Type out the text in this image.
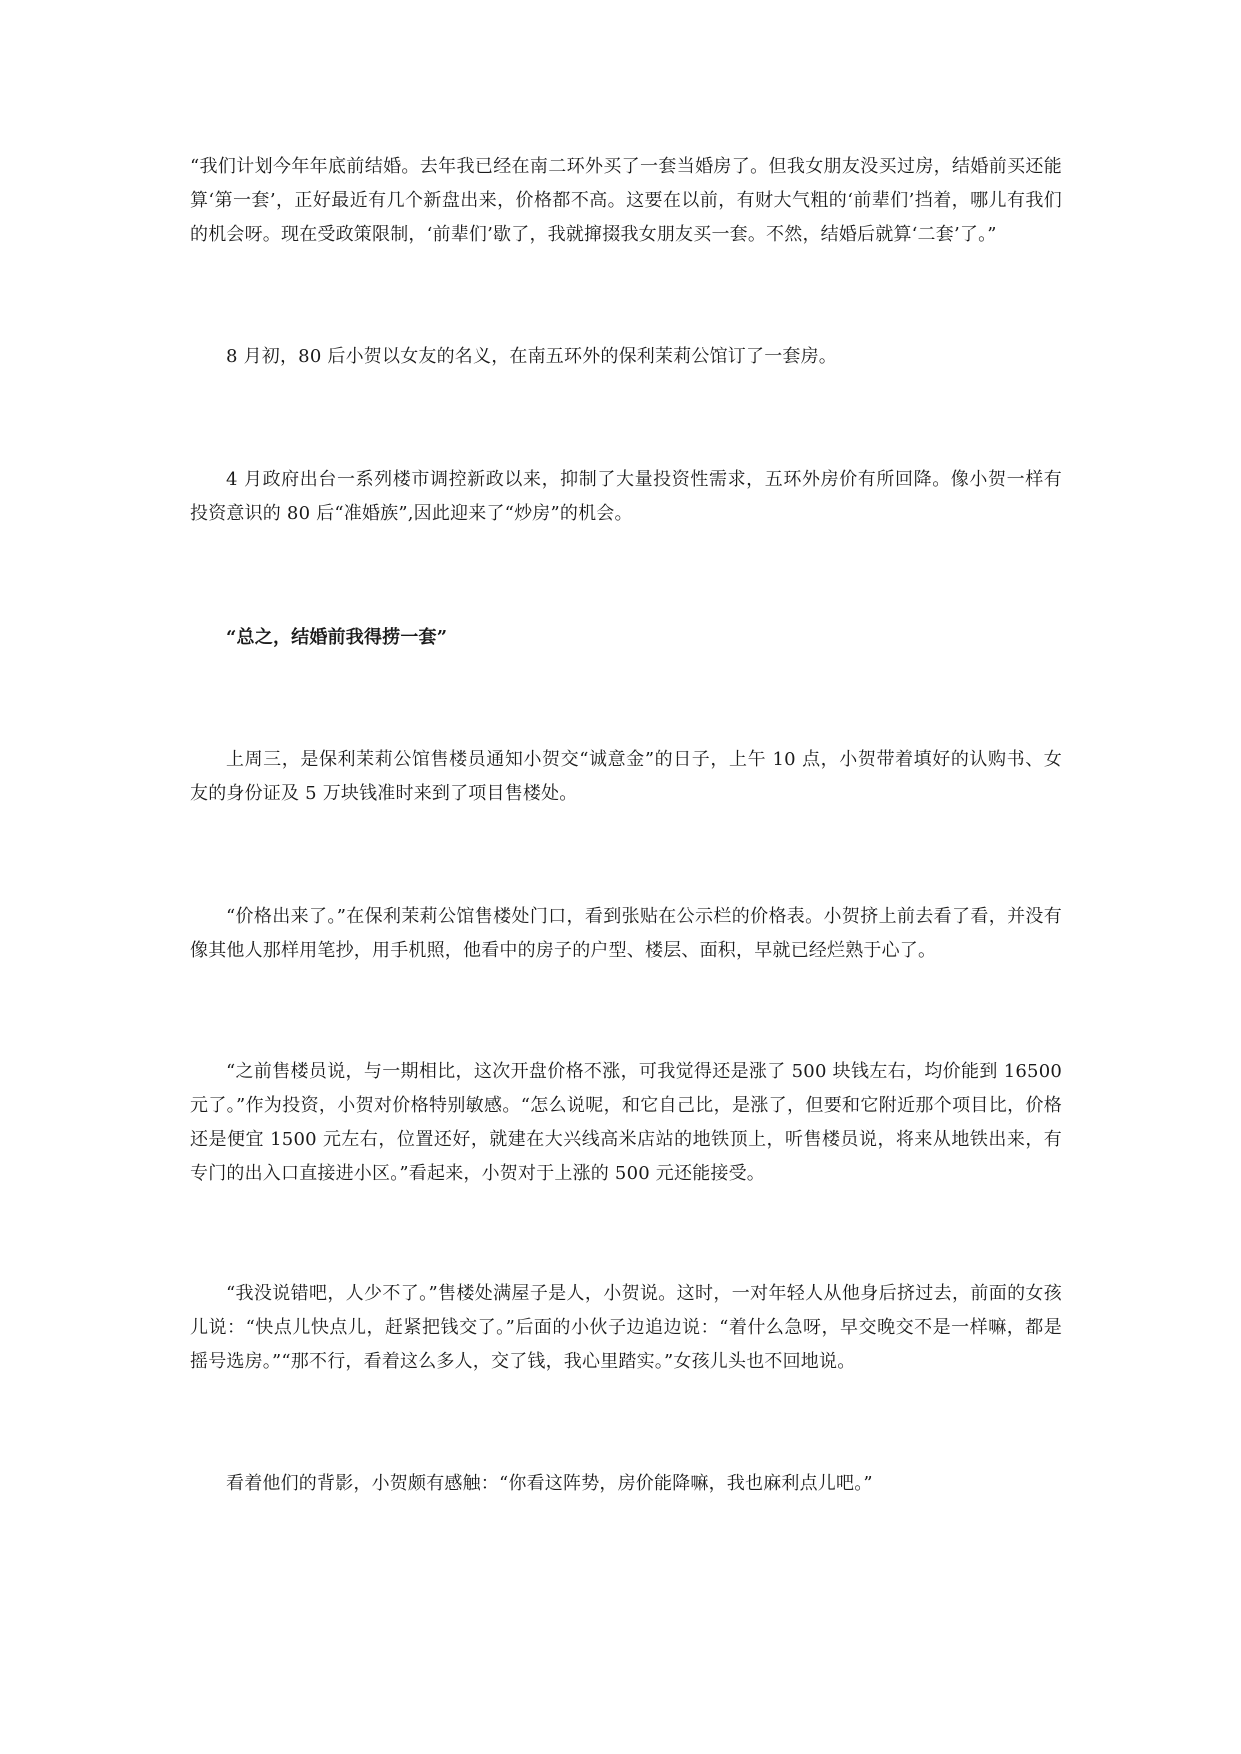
“我们计划今年年底前结婚。去年我已经在南二环外买了一套当婚房了。但我女朋友没买过房，结婚前买还能算‘第一套’，正好最近有几个新盘出来，价格都不高。这要在以前，有财大气粗的‘前辈们’挡着，哪儿有我们的机会呀。现在受政策限制，‘前辈们’歇了，我就撺掇我女朋友买一套。不然，结婚后就算‘二套’了。”

8 月初，80 后小贺以女友的名义，在南五环外的保利茉莉公馆订了一套房。

4 月政府出台一系列楼市调控新政以来，抑制了大量投资性需求，五环外房价有所回降。像小贺一样有投资意识的 80 后“准婚族”,因此迎来了“炒房”的机会。

“总之，结婚前我得捞一套”

上周三，是保利茉莉公馆售楼员通知小贺交“诚意金”的日子，上午 10 点，小贺带着填好的认购书、女友的身份证及 5 万块钱准时来到了项目售楼处。

“价格出来了。”在保利茉莉公馆售楼处门口，看到张贴在公示栏的价格表。小贺挤上前去看了看，并没有像其他人那样用笔抄，用手机照，他看中的房子的户型、楼层、面积，早就已经烂熟于心了。

“之前售楼员说，与一期相比，这次开盘价格不涨，可我觉得还是涨了 500 块钱左右，均价能到 16500 元了。”作为投资，小贺对价格特别敏感。“怎么说呢，和它自己比，是涨了，但要和它附近那个项目比，价格还是便宜 1500 元左右，位置还好，就建在大兴线高米店站的地铁顶上，听售楼员说，将来从地铁出来，有专门的出入口直接进小区。”看起来，小贺对于上涨的 500 元还能接受。

“我没说错吧，人少不了。”售楼处满屋子是人，小贺说。这时，一对年轻人从他身后挤过去，前面的女孩儿说：“快点儿快点儿，赶紧把钱交了。”后面的小伙子边追边说：“着什么急呀，早交晚交不是一样嘛，都是摇号选房。”“那不行，看着这么多人，交了钱，我心里踏实。”女孩儿头也不回地说。

看着他们的背影，小贺颇有感触：“你看这阵势，房价能降嘛，我也麻利点儿吧。”
